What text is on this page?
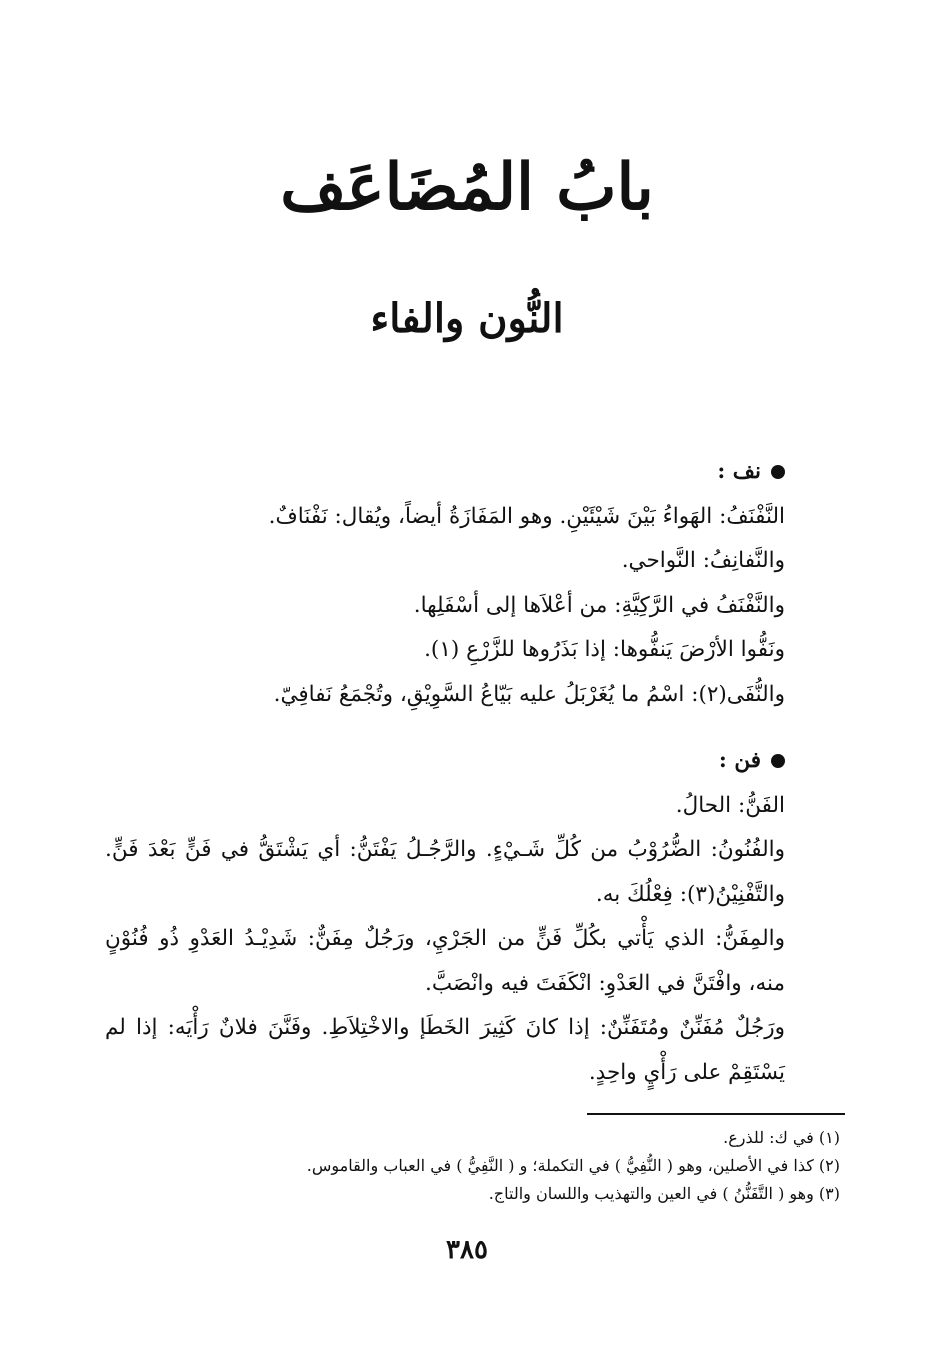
بابُ المُضَاعَف
النُّون والفاء
نف :
النَّفْنَفُ: الهَواءُ بَيْنَ شَيْئَيْنِ. وهو المَفَازَةُ أيضاً، ويُقال: نَفْنَافٌ.
والنَّفانِفُ: النَّواحي.
والنَّفْنَفُ في الرَّكِيَّةِ: من أعْلاَها إلى أسْفَلِها.
ونَفُّوا الأرْضَ يَنفُّوها: إذا بَذَرُوها للزَّرْعِ (١).
والنُّفَى(٢): اسْمُ ما يُغَرْبَلُ عليه بَيّاعُ السَّوِيْقِ، وتُجْمَعُ نَفافِيّ.
فن :
الفَنُّ: الحالُ.
والفُنُونُ: الضُّرُوْبُ من كُلِّ شَـيْءٍ. والرَّجُـلُ يَفْتَنُّ: أي يَشْتَقُّ في فَنٍّ بَعْدَ فَنٍّ. والتَّفْنِيْنُ(٣): فِعْلُكَ به.
والمِفَنُّ: الذي يَأْتي بكُلِّ فَنٍّ من الجَرْيِ، ورَجُلٌ مِفَنٌّ: شَدِيْـدُ العَدْوِ ذُو فُنُوْنٍ منه، وافْتَنَّ في العَدْوِ: انْكَفَتَ فيه وانْصَبَّ.
ورَجُلٌ مُفَنِّنٌ ومُتَفَنِّنٌ: إذا كانَ كَثِيرَ الخَطَإ والاخْتِلاَطِ. وفَنَّنَ فلانٌ رَأْيَه: إذا لم يَسْتَقِمْ على رَأْيٍ واحِدٍ.
(١) في ك: للذرع.
(٢) كذا في الأصلين، وهو ( النُّفِيُّ ) في التكملة؛ و ( النَّفِيُّ ) في العباب والقاموس.
(٣) وهو ( التَّفَنُّنُ ) في العين والتهذيب واللسان والتاج.
٣٨٥
